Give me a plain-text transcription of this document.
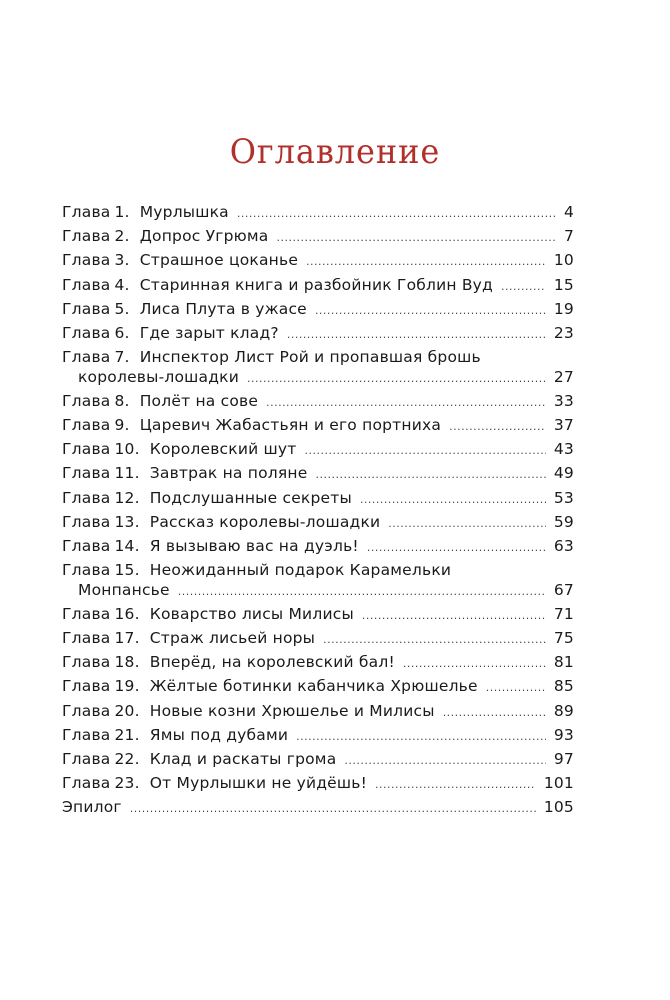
Оглавление
Глава 1. Мурлышка .....	4
Глава 2. Допрос Угрюма .....	7
Глава 3. Страшное цоканье .....	10
Глава 4. Старинная книга и разбойник Гоблин Вуд .....	15
Глава 5. Лиса Плута в ужасе .....	19
Глава 6. Где зарыт клад? .....	23
Глава 7. Инспектор Лист Рой и пропавшая брошь
королевы-лошадки .....	27
Глава 8. Полёт на сове .....	33
Глава 9. Царевич Жабастьян и его портниха .....	37
Глава 10. Королевский шут .....	43
Глава 11. Завтрак на поляне .....	49
Глава 12. Подслушанные секреты .....	53
Глава 13. Рассказ королевы-лошадки .....	59
Глава 14. Я вызываю вас на дуэль! .....	63
Глава 15. Неожиданный подарок Карамельки
Монпансье .....	67
Глава 16. Коварство лисы Милисы .....	71
Глава 17. Страж лисьей норы .....	75
Глава 18. Вперёд, на королевский бал! .....	81
Глава 19. Жёлтые ботинки кабанчика Хрюшелье .....	85
Глава 20. Новые козни Хрюшелье и Милисы .....	89
Глава 21. Ямы под дубами .....	93
Глава 22. Клад и раскаты грома .....	97
Глава 23. От Мурлышки не уйдёшь! .....	101
Эпилог .....	105
